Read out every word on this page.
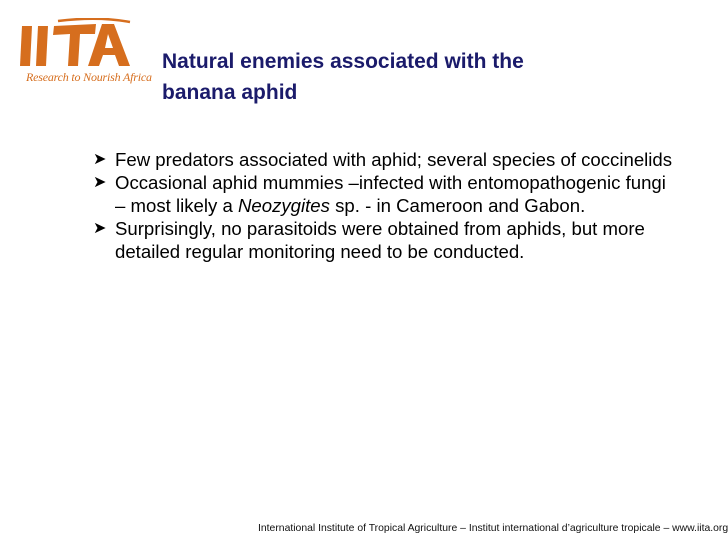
Research to Nourish Africa
Natural enemies associated with the
banana aphid
➤ Few predators associated with aphid; several species of coccinelids
➤ Occasional aphid mummies –infected with entomopathogenic fungi – most likely a Neozygites sp. - in Cameroon and Gabon.
➤ Surprisingly, no parasitoids were obtained from aphids, but more detailed regular monitoring need to be conducted.
International Institute of Tropical Agriculture – Institut international d’agriculture tropicale – www.iita.org
